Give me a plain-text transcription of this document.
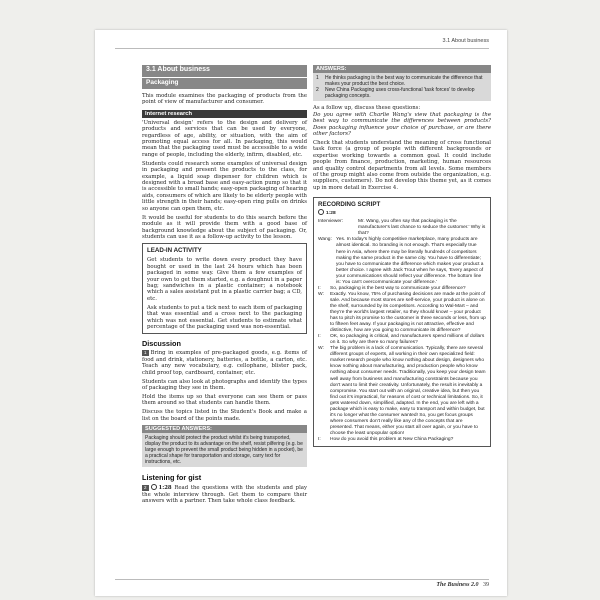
3.1 About business
3.1 About business
Packaging

This module examines the packaging of products from the point of view of manufacturer and consumer.

Internet research

'Universal design' refers to the design and delivery of products and services that can be used by everyone, regardless of age, ability, or situation, with the aim of promoting equal access for all. In packaging, this would mean that the packaging used must be accessible to a wide range of people, including the elderly, infirm, disabled, etc.

Students could research some examples of universal design in packaging and present the products to the class, for example, a liquid soap dispenser for children which is designed with a broad base and easy-action pump so that it is accessible to small hands; easy-open packaging of hearing aids, consumers of which are likely to be elderly people with little strength in their hands; easy-open ring pulls on drinks so anyone can open them, etc.

It would be useful for students to do this search before the module as it will provide them with a good base of background knowledge about the subject of packaging. Or, students can use it as a follow-up activity to the lesson.

LEAD-IN ACTIVITY

Get students to write down every product they have bought or used in the last 24 hours which has been packaged in some way. Give them a few examples of your own to get them started, e.g. a doughnut in a paper bag; sandwiches in a plastic container; a notebook which a sales assistant put in a plastic carrier bag; a CD, etc.

Ask students to put a tick next to each item of packaging that was essential and a cross next to the packaging which was not essential. Get students to estimate what percentage of the packaging used was non-essential.

Discussion

1 Bring in examples of pre-packaged goods, e.g. items of food and drink, stationery, batteries, a bottle, a carton, etc. Teach any new vocabulary, e.g. cellophane, blister pack, child proof top, cardboard, container, etc.

Students can also look at photographs and identify the types of packaging they see in them.

Hold the items up so that everyone can see them or pass them around so that students can handle them.

Discuss the topics listed in the Student's Book and make a list on the board of the points made.

SUGGESTED ANSWERS:
Packaging should protect the product whilst it's being transported, display the product to its advantage on the shelf, resist pilfering (e.g. be large enough to prevent the small product being hidden in a pocket), be a practical shape for transportation and storage, carry text for instructions, etc.
Listening for gist

2 1:28 Read the questions with the students and play the whole interview through. Get them to compare their answers with a partner. Then take whole class feedback.

ANSWERS:
1	He thinks packaging is the best way to communicate the difference that makes your product the best choice.
2	New China Packaging uses cross-functional 'task forces' to develop packaging concepts.

As a follow up, discuss these questions:

Do you agree with Charlie Wang's view that packaging is the best way to communicate the differences between products? Does packaging influence your choice of purchase, or are there other factors?

Check that students understand the meaning of cross functional task force (a group of people with different backgrounds or expertise working towards a common goal. It could include people from finance, production, marketing, human resources and quality control departments from all levels. Some members of the group might also come from outside the organization, e.g. suppliers, customers). Do not develop this theme yet, as it comes up in more detail in Exercise 4.

RECORDING SCRIPT
1:28
Interviewer:	Mr. Wang, you often say that packaging is 'the manufacturer's last chance to seduce the customer.' Why is that?
Wang: Yes. In today's highly competitive marketplace, many products are almost identical. So branding is not enough. That's especially true here in Asia, where there may be literally hundreds of competitors making the same product in the same city. You have to differentiate; you have to communicate the difference which makes your product a better choice. I agree with Jack Trout when he says, 'Every aspect of your communications should reflect your difference. The bottom line is: You can't overcommunicate your difference.'
I:	So, packaging is the best way to communicate your difference?
W:	Exactly. You know, 75% of purchasing decisions are made at the point of sale. And because most stores are self-service, your product is alone on the shelf, surrounded by its competitors. According to Wal-Mart – and they're the world's largest retailer, so they should know! – your product has to pitch its promise to the customer in three seconds or less, from up to fifteen feet away. If your packaging is not attractive, effective and distinctive, how are you going to communicate its difference?
I:	OK, so packaging is critical, and manufacturers spend millions of dollars on it. So why are there so many failures?
W:	The big problem is a lack of communication. Typically, there are several different groups of experts, all working in their own specialized field: market research people who know nothing about design, designers who know nothing about manufacturing, and production people who know nothing about consumer needs. Traditionally, you keep your design team well away from business and manufacturing constraints because you don't want to limit their creativity. Unfortunately, the result is inevitably a compromise. You start out with an original, creative idea, but then you find out it's impractical, for reasons of cost or technical limitations. So, it gets watered down, simplified, adapted. In the end, you are left with a package which is easy to make, easy to transport and within budget, but it's no longer what the consumer wanted! So, you get focus groups where consumers don't really like any of the concepts that are presented. That means, either you start all over again, or you have to choose the least unpopular option!
I:	How do you avoid this problem at New China Packaging?
The Business 2.0 39
